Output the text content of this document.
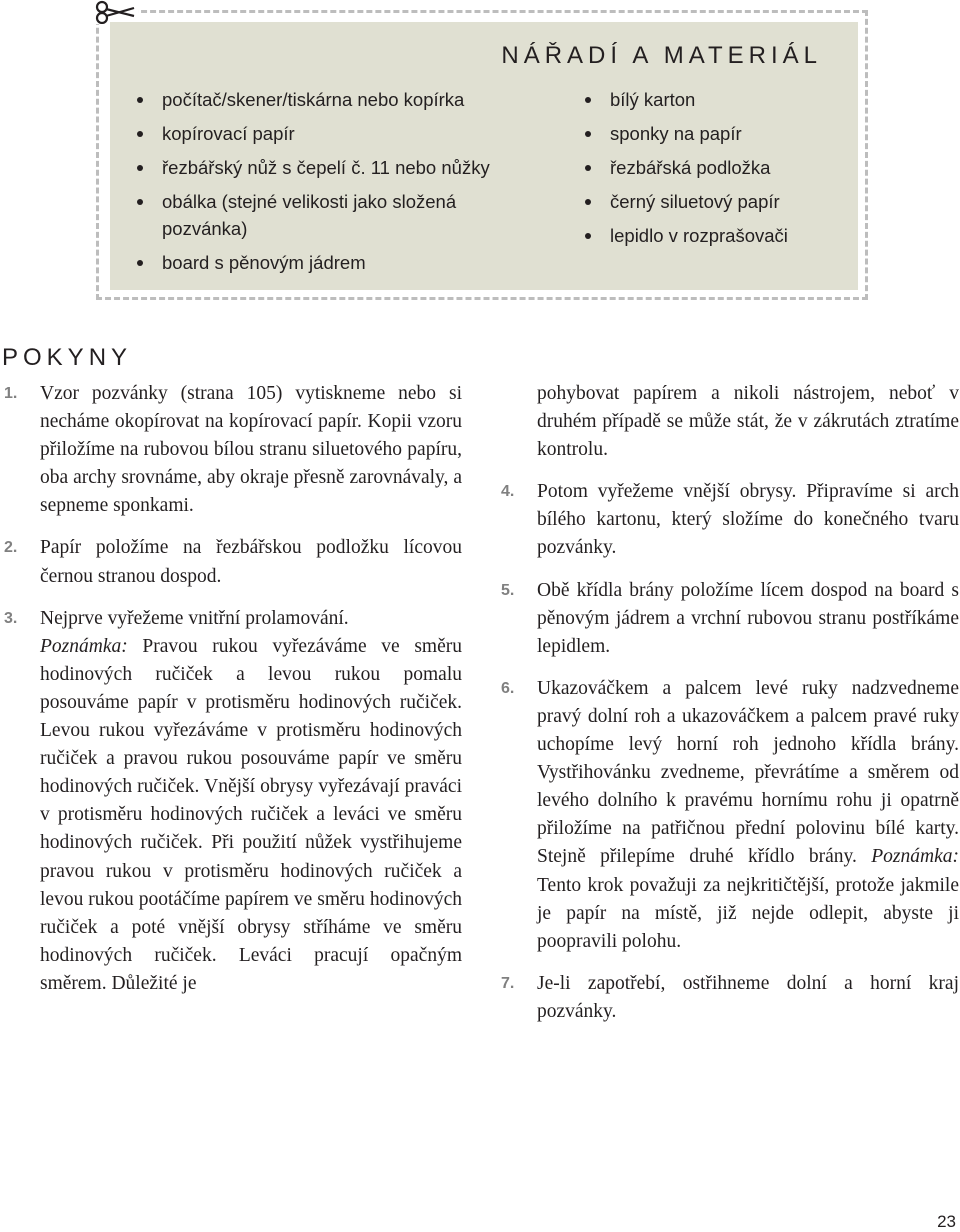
NÁŘADÍ A MATERIÁL
počítač/skener/tiskárna nebo kopírka
kopírovací papír
řezbářský nůž s čepelí č. 11 nebo nůžky
obálka (stejné velikosti jako složená pozvánka)
board s pěnovým jádrem
bílý karton
sponky na papír
řezbářská podložka
černý siluetový papír
lepidlo v rozprašovači
POKYNY

1. Vzor pozvánky (strana 105) vytiskneme nebo si necháme okopírovat na kopírovací papír. Kopii vzoru přiložíme na rubovou bílou stranu siluetového papíru, oba archy srovnáme, aby okraje přesně zarovnávaly, a sepneme sponkami.

2. Papír položíme na řezbářskou podložku lícovou černou stranou dospod.

3. Nejprve vyřežeme vnitřní prolamování.
Poznámka: Pravou rukou vyřezáváme ve směru hodinových ručiček a levou rukou pomalu posouváme papír v protisměru hodinových ručiček. Levou rukou vyřezáváme v protisměru hodinových ručiček a pravou rukou posouváme papír ve směru hodinových ručiček. Vnější obrysy vyřezávají praváci v protisměru hodinových ručiček a leváci ve směru hodinových ručiček. Při použití nůžek vystřihujeme pravou rukou v protisměru hodinových ručiček a levou rukou pootáčíme papírem ve směru hodinových ručiček a poté vnější obrysy stříháme ve směru hodinových ručiček. Leváci pracují opačným směrem. Důležité je

pohybovat papírem a nikoli nástrojem, neboť v druhém případě se může stát, že v zákrutách ztratíme kontrolu.

4. Potom vyřežeme vnější obrysy. Připravíme si arch bílého kartonu, který složíme do konečného tvaru pozvánky.

5. Obě křídla brány položíme lícem dospod na board s pěnovým jádrem a vrchní rubovou stranu postříkáme lepidlem.

6. Ukazováčkem a palcem levé ruky nadzvedneme pravý dolní roh a ukazováčkem a palcem pravé ruky uchopíme levý horní roh jednoho křídla brány. Vystřihovánku zvedneme, převrátíme a směrem od levého dolního k pravému hornímu rohu ji opatrně přiložíme na patřičnou přední polovinu bílé karty. Stejně přilepíme druhé křídlo brány. Poznámka: Tento krok považuji za nejkritičtější, protože jakmile je papír na místě, již nejde odlepit, abyste ji poopravili polohu.

7. Je-li zapotřebí, ostřihneme dolní a horní kraj pozvánky.

23
